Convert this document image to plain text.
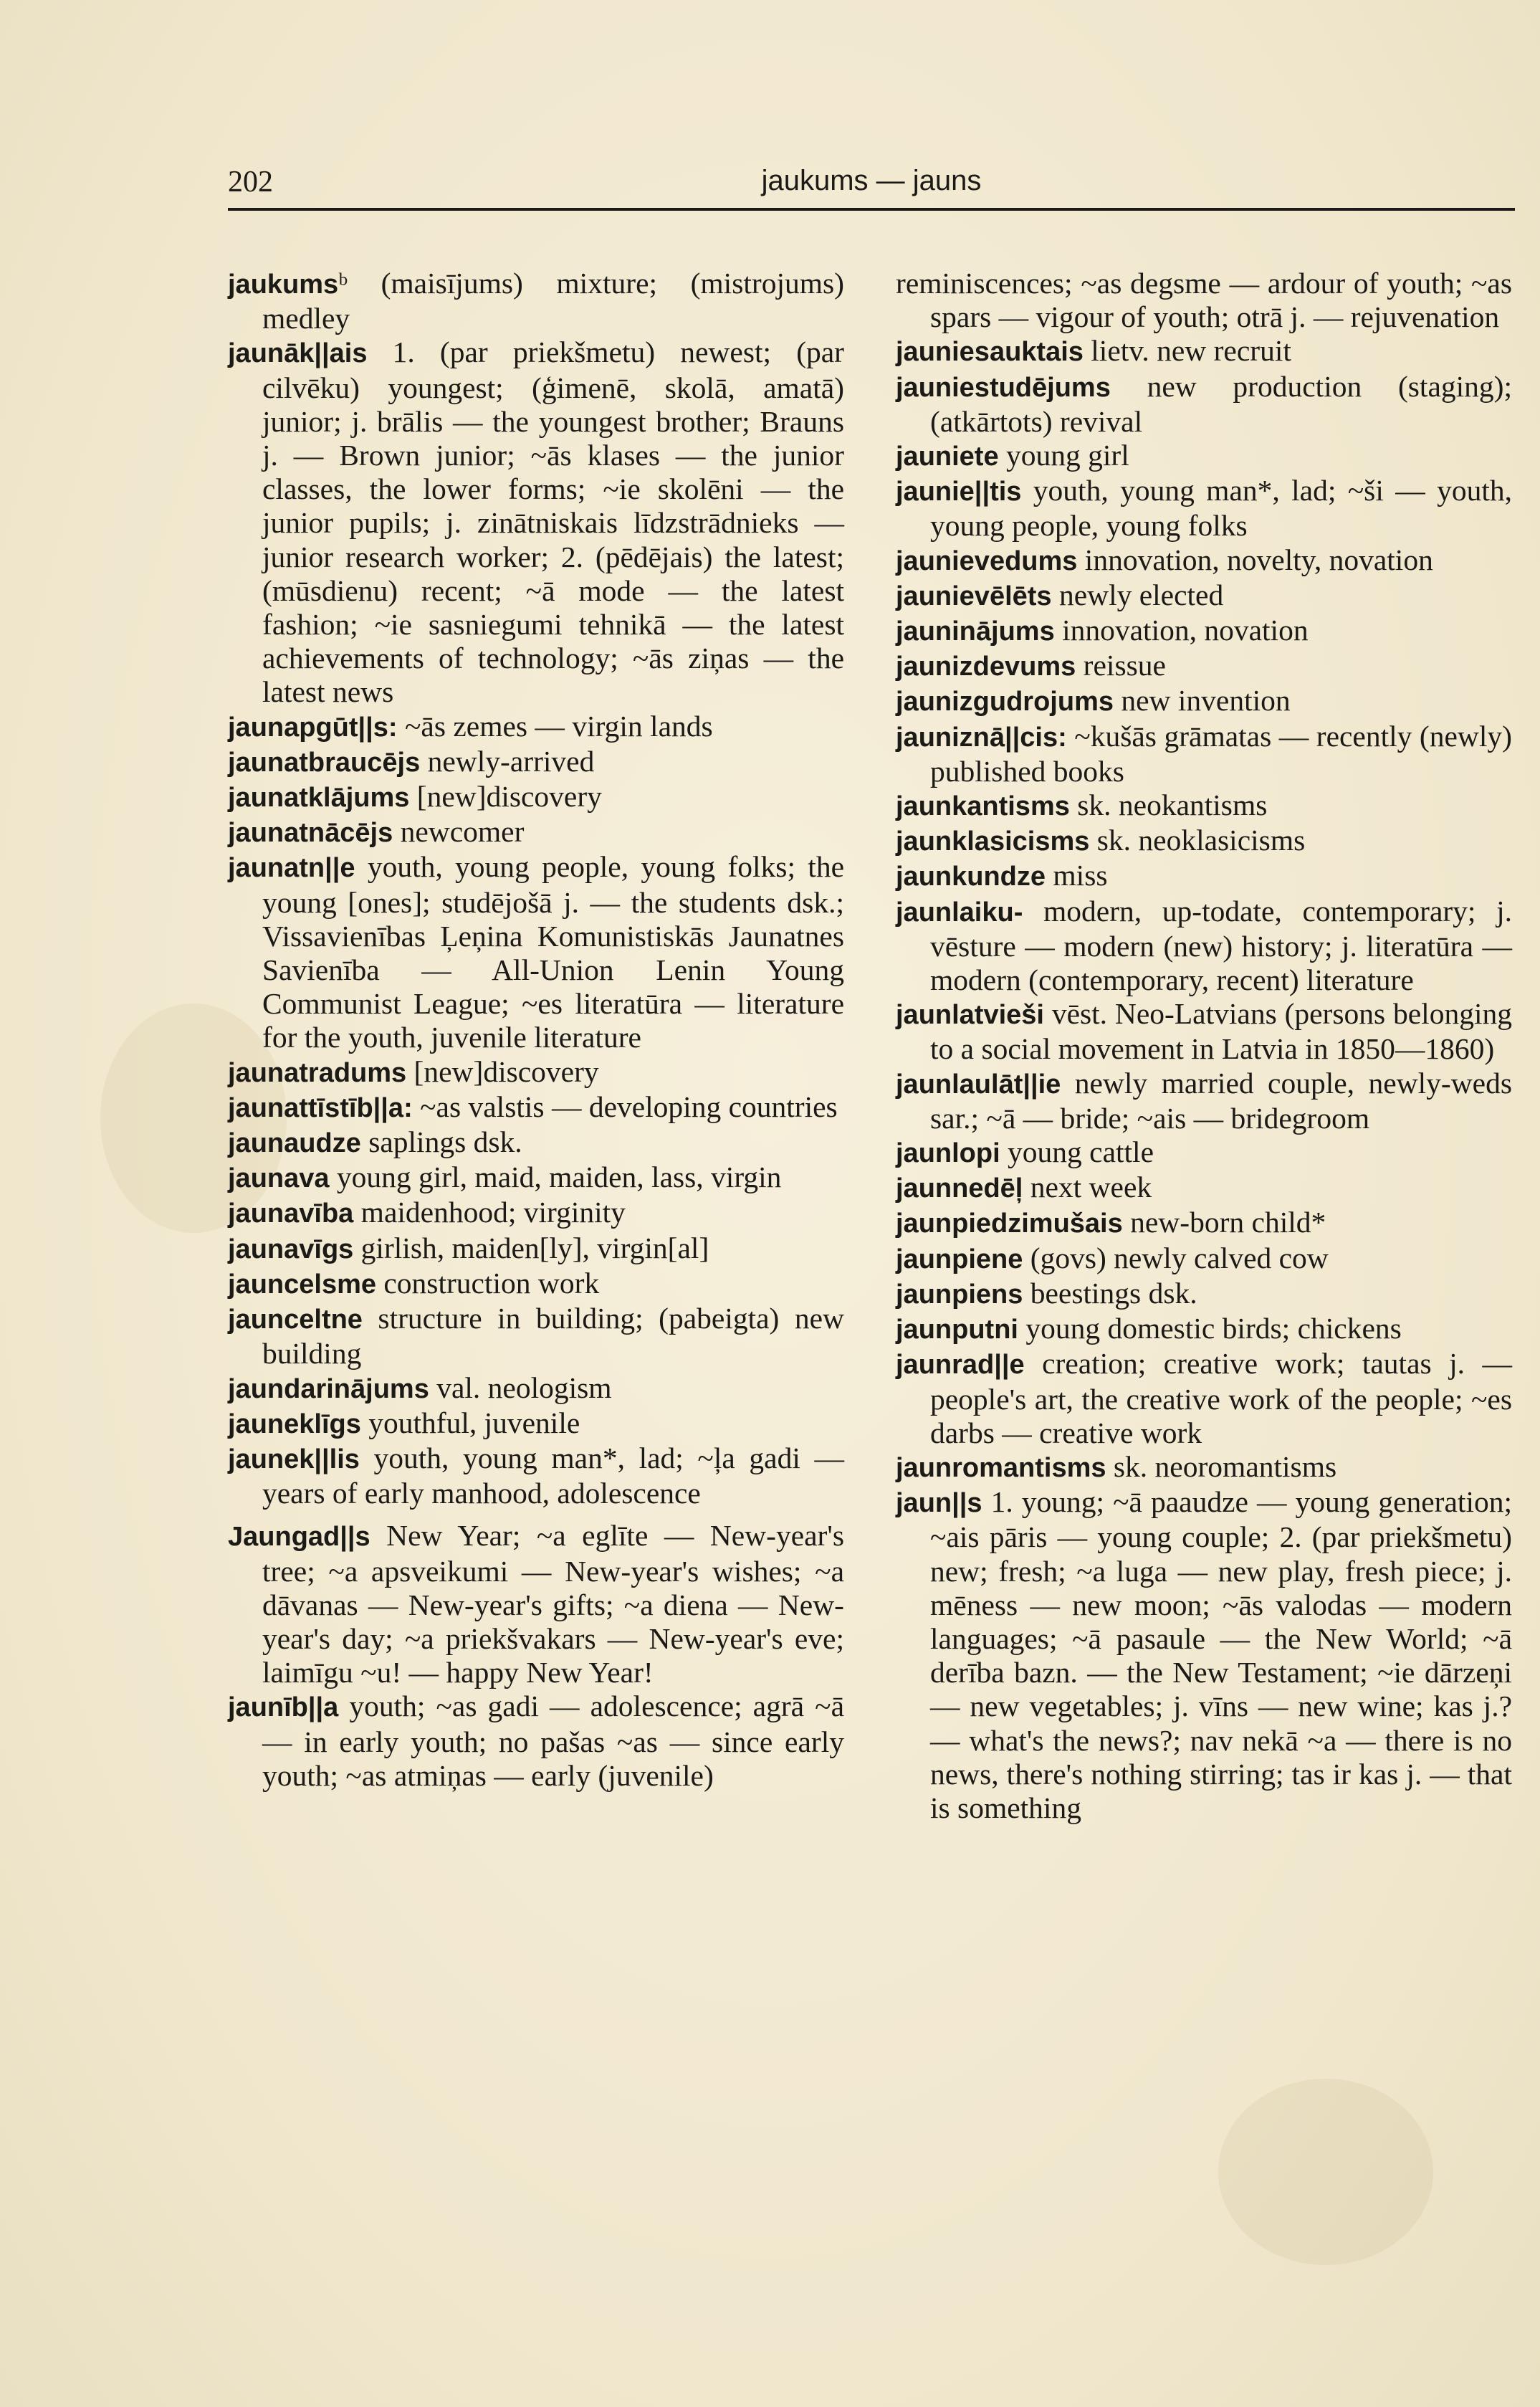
202	jaukums — jauns

jaukumsᵇ (maisījums) mixture; (mistrojums) medley

jaunāk||ais 1. (par priekšmetu) newest; (par cilvēku) youngest; (ģimenē, skolā, amatā) junior; j. brālis — the youngest brother; Brauns j. — Brown junior; ~ās klases — the junior classes, the lower forms; ~ie skolēni — the junior pupils; j. zinātniskais līdzstrādnieks — junior research worker; 2. (pēdējais) the latest; (mūsdienu) recent; ~ā mode — the latest fashion; ~ie sasniegumi tehnikā — the latest achievements of technology; ~ās ziņas — the latest news

jaunapgūt||s: ~ās zemes — virgin lands

jaunatbraucējs newly-arrived

jaunatklājums [new]discovery

jaunatnācējs newcomer

jaunatn||e youth, young people, young folks; the young [ones]; studējošā j. — the students dsk.; Vissavienības Ļeņina Komunistiskās Jaunatnes Savienība — All-Union Lenin Young Communist League; ~es literatūra — literature for the youth, juvenile literature

jaunatradums [new]discovery

jaunattīstīb||a: ~as valstis — developing countries

jaunaudze saplings dsk.

jaunava young girl, maid, maiden, lass, virgin

jaunavība maidenhood; virginity

jaunavīgs girlish, maiden[ly], virgin[al]

jauncelsme construction work

jaunceltne structure in building; (pabeigta) new building

jaundarinājums val. neologism

jauneklīgs youthful, juvenile

jaunek||lis youth, young man*, lad; ~ļa gadi — years of early manhood, adolescence

Jaungad||s New Year; ~a eglīte — New-year's tree; ~a apsveikumi — New-year's wishes; ~a dāvanas — New-year's gifts; ~a diena — New-year's day; ~a priekšvakars — New-year's eve; laimīgu ~u! — happy New Year!

jaunīb||a youth; ~as gadi — adolescence; agrā ~ā — in early youth; no pašas ~as — since early youth; ~as atmiņas — early (juvenile)

reminiscences; ~as degsme — ardour of youth; ~as spars — vigour of youth; otrā j. — rejuvenation

jauniesauktais lietv. new recruit

jauniestudējums new production (staging); (atkārtots) revival

jauniete young girl

jaunie||tis youth, young man*, lad; ~ši — youth, young people, young folks

jaunievedums innovation, novelty, novation

jaunievēlēts newly elected

jauninājums innovation, novation

jaunizdevums reissue

jaunizgudrojums new invention

jauniznā||cis: ~kušās grāmatas — recently (newly) published books

jaunkantisms sk. neokantisms

jaunklasicisms sk. neoklasicisms

jaunkundze miss

jaunlaiku- modern, up-todate, contemporary; j. vēsture — modern (new) history; j. literatūra — modern (contemporary, recent) literature

jaunlatvieši vēst. Neo-Latvians (persons belonging to a social movement in Latvia in 1850—1860)

jaunlaulāt||ie newly married couple, newly-weds sar.; ~ā — bride; ~ais — bridegroom

jaunlopi young cattle

jaunnedēļ next week

jaunpiedzimušais new-born child*

jaunpiene (govs) newly calved cow

jaunpiens beestings dsk.

jaunputni young domestic birds; chickens

jaunrad||e creation; creative work; tautas j. — people's art, the creative work of the people; ~es darbs — creative work

jaunromantisms sk. neoromantisms

jaun||s 1. young; ~ā paaudze — young generation; ~ais pāris — young couple; 2. (par priekšmetu) new; fresh; ~a luga — new play, fresh piece; j. mēness — new moon; ~ās valodas — modern languages; ~ā pasaule — the New World; ~ā derība bazn. — the New Testament; ~ie dārzeņi — new vegetables; j. vīns — new wine; kas j.? — what's the news?; nav nekā ~a — there is no news, there's nothing stirring; tas ir kas j. — that is something
